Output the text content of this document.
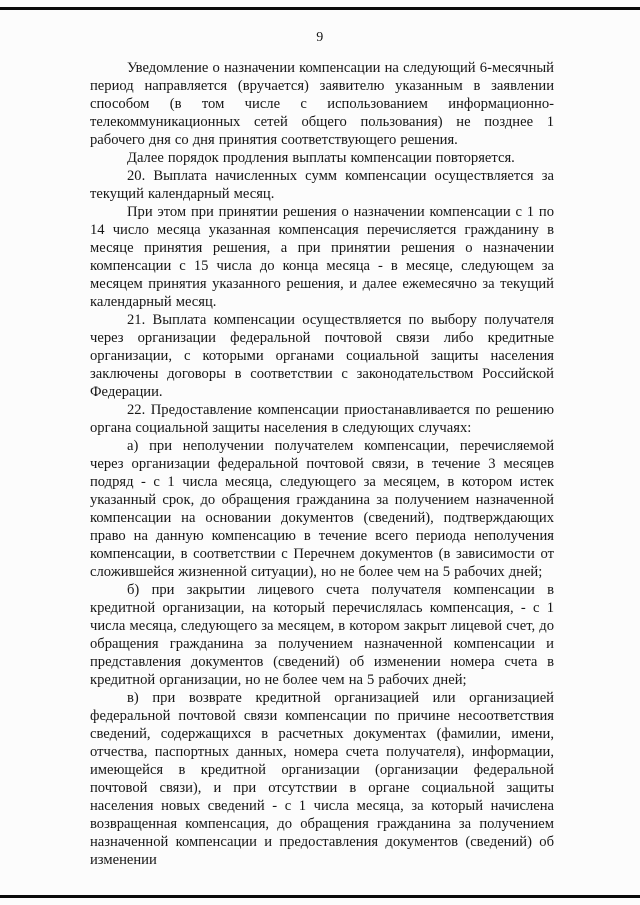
9

Уведомление о назначении компенсации на следующий 6-месячный период направляется (вручается) заявителю указанным в заявлении способом (в том числе с использованием информационно-телекоммуникационных сетей общего пользования) не позднее 1 рабочего дня со дня принятия соответствующего решения.

Далее порядок продления выплаты компенсации повторяется.

20. Выплата начисленных сумм компенсации осуществляется за текущий календарный месяц.

При этом при принятии решения о назначении компенсации с 1 по 14 число месяца указанная компенсация перечисляется гражданину в месяце принятия решения, а при принятии решения о назначении компенсации с 15 числа до конца месяца - в месяце, следующем за месяцем принятия указанного решения, и далее ежемесячно за текущий календарный месяц.

21. Выплата компенсации осуществляется по выбору получателя через организации федеральной почтовой связи либо кредитные организации, с которыми органами социальной защиты населения заключены договоры в соответствии с законодательством Российской Федерации.

22. Предоставление компенсации приостанавливается по решению органа социальной защиты населения в следующих случаях:

а) при неполучении получателем компенсации, перечисляемой через организации федеральной почтовой связи, в течение 3 месяцев подряд - с 1 числа месяца, следующего за месяцем, в котором истек указанный срок, до обращения гражданина за получением назначенной компенсации на основании документов (сведений), подтверждающих право на данную компенсацию в течение всего периода неполучения компенсации, в соответствии с Перечнем документов (в зависимости от сложившейся жизненной ситуации), но не более чем на 5 рабочих дней;

б) при закрытии лицевого счета получателя компенсации в кредитной организации, на который перечислялась компенсация, - с 1 числа месяца, следующего за месяцем, в котором закрыт лицевой счет, до обращения гражданина за получением назначенной компенсации и представления документов (сведений) об изменении номера счета в кредитной организации, но не более чем на 5 рабочих дней;

в) при возврате кредитной организацией или организацией федеральной почтовой связи компенсации по причине несоответствия сведений, содержащихся в расчетных документах (фамилии, имени, отчества, паспортных данных, номера счета получателя), информации, имеющейся в кредитной организации (организации федеральной почтовой связи), и при отсутствии в органе социальной защиты населения новых сведений - с 1 числа месяца, за который начислена возвращенная компенсация, до обращения гражданина за получением назначенной компенсации и предоставления документов (сведений) об изменении
